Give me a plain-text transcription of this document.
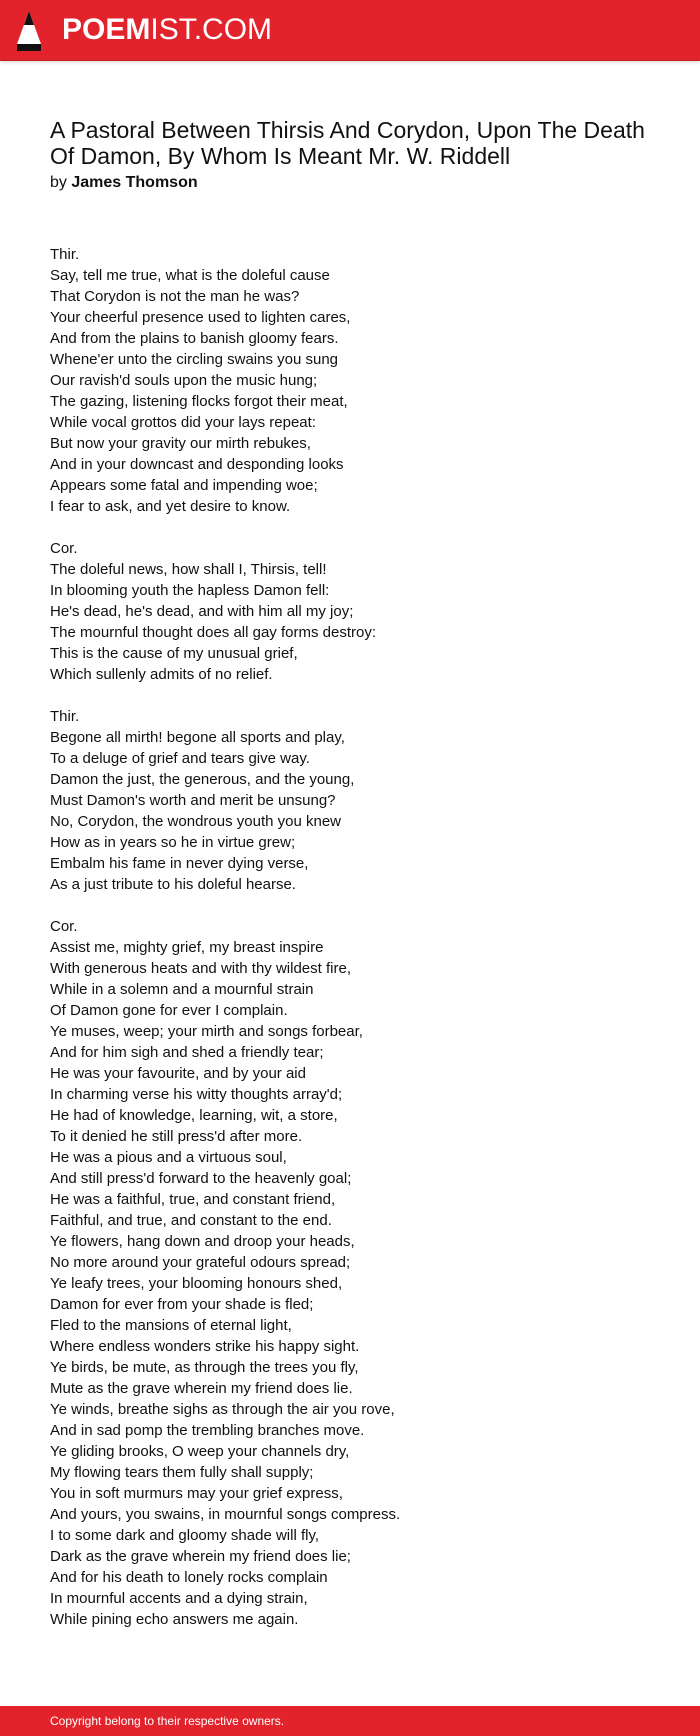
POEMIST.COM
A Pastoral Between Thirsis And Corydon, Upon The Death Of Damon, By Whom Is Meant Mr. W. Riddell
by James Thomson
Thir.
Say, tell me true, what is the doleful cause
That Corydon is not the man he was?
Your cheerful presence used to lighten cares,
And from the plains to banish gloomy fears.
Whene'er unto the circling swains you sung
Our ravish'd souls upon the music hung;
The gazing, listening flocks forgot their meat,
While vocal grottos did your lays repeat:
But now your gravity our mirth rebukes,
And in your downcast and desponding looks
Appears some fatal and impending woe;
I fear to ask, and yet desire to know.
Cor.
The doleful news, how shall I, Thirsis, tell!
In blooming youth the hapless Damon fell:
He's dead, he's dead, and with him all my joy;
The mournful thought does all gay forms destroy:
This is the cause of my unusual grief,
Which sullenly admits of no relief.
Thir.
Begone all mirth! begone all sports and play,
To a deluge of grief and tears give way.
Damon the just, the generous, and the young,
Must Damon's worth and merit be unsung?
No, Corydon, the wondrous youth you knew
How as in years so he in virtue grew;
Embalm his fame in never dying verse,
As a just tribute to his doleful hearse.
Cor.
Assist me, mighty grief, my breast inspire
With generous heats and with thy wildest fire,
While in a solemn and a mournful strain
Of Damon gone for ever I complain.
Ye muses, weep; your mirth and songs forbear,
And for him sigh and shed a friendly tear;
He was your favourite, and by your aid
In charming verse his witty thoughts array'd;
He had of knowledge, learning, wit, a store,
To it denied he still press'd after more.
He was a pious and a virtuous soul,
And still press'd forward to the heavenly goal;
He was a faithful, true, and constant friend,
Faithful, and true, and constant to the end.
Ye flowers, hang down and droop your heads,
No more around your grateful odours spread;
Ye leafy trees, your blooming honours shed,
Damon for ever from your shade is fled;
Fled to the mansions of eternal light,
Where endless wonders strike his happy sight.
Ye birds, be mute, as through the trees you fly,
Mute as the grave wherein my friend does lie.
Ye winds, breathe sighs as through the air you rove,
And in sad pomp the trembling branches move.
Ye gliding brooks, O weep your channels dry,
My flowing tears them fully shall supply;
You in soft murmurs may your grief express,
And yours, you swains, in mournful songs compress.
I to some dark and gloomy shade will fly,
Dark as the grave wherein my friend does lie;
And for his death to lonely rocks complain
In mournful accents and a dying strain,
While pining echo answers me again.
Copyright belong to their respective owners.
